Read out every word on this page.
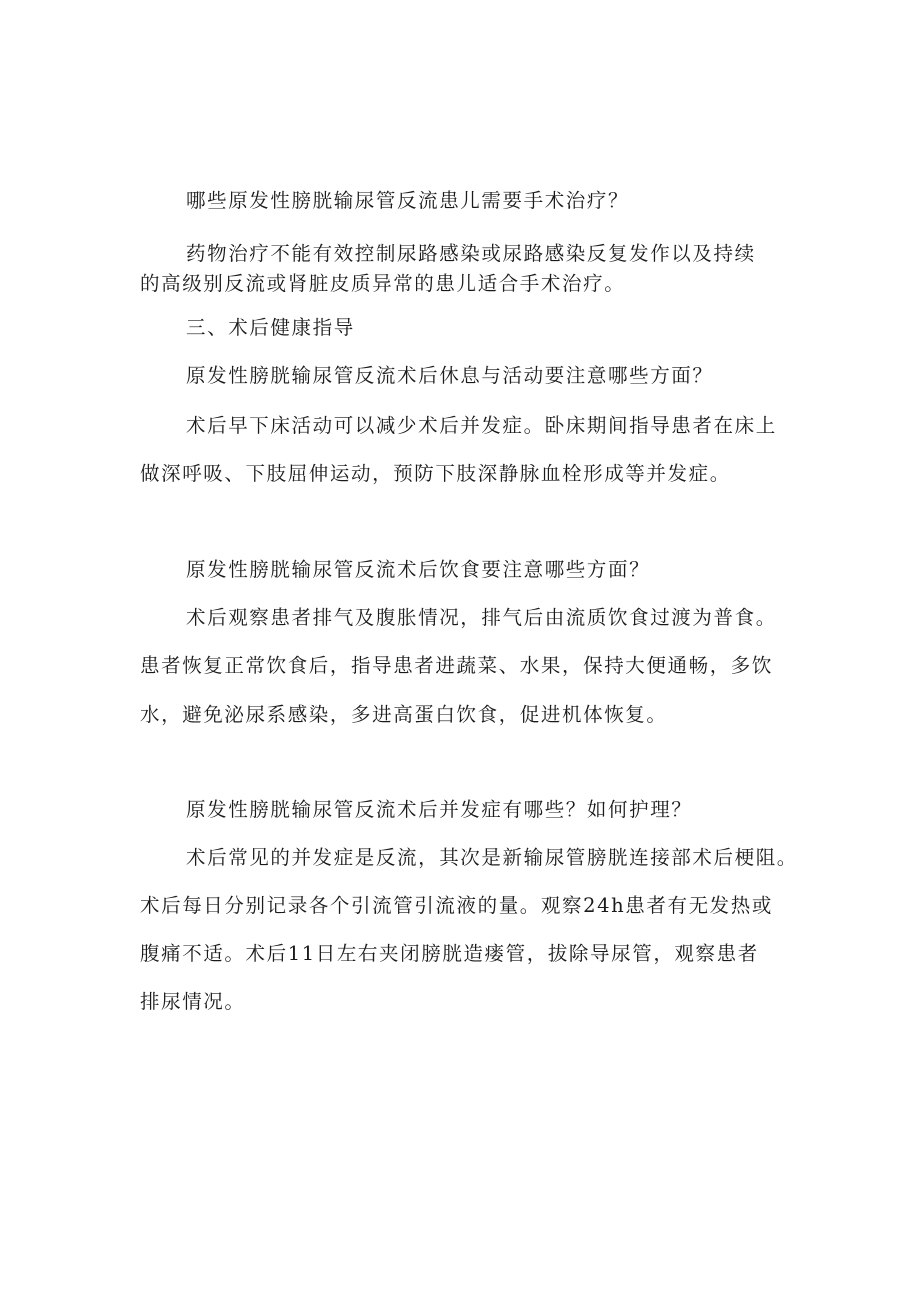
哪些原发性膀胱输尿管反流患儿需要手术治疗？

药物治疗不能有效控制尿路感染或尿路感染反复发作以及持续

的高级别反流或肾脏皮质异常的患儿适合手术治疗。

三、术后健康指导

原发性膀胱输尿管反流术后休息与活动要注意哪些方面？

术后早下床活动可以减少术后并发症。卧床期间指导患者在床上

做深呼吸、下肢屈伸运动，预防下肢深静脉血栓形成等并发症。

原发性膀胱输尿管反流术后饮食要注意哪些方面？

术后观察患者排气及腹胀情况，排气后由流质饮食过渡为普食。

患者恢复正常饮食后，指导患者进蔬菜、水果，保持大便通畅，多饮

水，避免泌尿系感染，多进高蛋白饮食，促进机体恢复。

原发性膀胱输尿管反流术后并发症有哪些？如何护理？

术后常见的并发症是反流，其次是新输尿管膀胱连接部术后梗阻。

术后每日分别记录各个引流管引流液的量。观察24h患者有无发热或

腹痛不适。术后11日左右夹闭膀胱造瘘管，拔除导尿管，观察患者

排尿情况。
